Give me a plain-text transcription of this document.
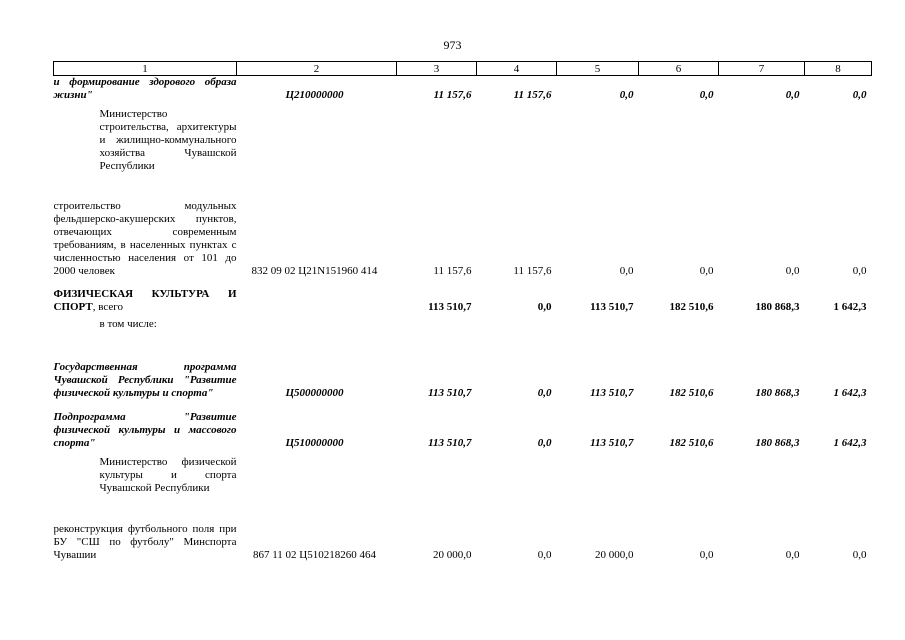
973
1	2	3	4	5	6	7	8
и формирование здорового образа жизни"	Ц210000000	11 157,6	11 157,6	0,0	0,0	0,0	0,0
Министерство строительства, архитектуры и жилищно-коммунального хозяйства Чувашской Республики							
строительство модульных фельдшерско-акушерских пунктов, отвечающих современным требованиям, в населенных пунктах с численностью населения от 101 до 2000 человек	832 09 02 Ц21N151960 414	11 157,6	11 157,6	0,0	0,0	0,0	0,0
ФИЗИЧЕСКАЯ КУЛЬТУРА И СПОРТ, всего		113 510,7	0,0	113 510,7	182 510,6	180 868,3	1 642,3
в том числе:							
Государственная программа Чувашской Республики "Развитие физической культуры и спорта"	Ц500000000	113 510,7	0,0	113 510,7	182 510,6	180 868,3	1 642,3
Подпрограмма "Развитие физической культуры и массового спорта"	Ц510000000	113 510,7	0,0	113 510,7	182 510,6	180 868,3	1 642,3
Министерство физической культуры и спорта Чувашской Республики							
реконструкция футбольного поля при БУ "СШ по футболу" Минспорта Чувашии	867 11 02 Ц510218260 464	20 000,0	0,0	20 000,0	0,0	0,0	0,0
